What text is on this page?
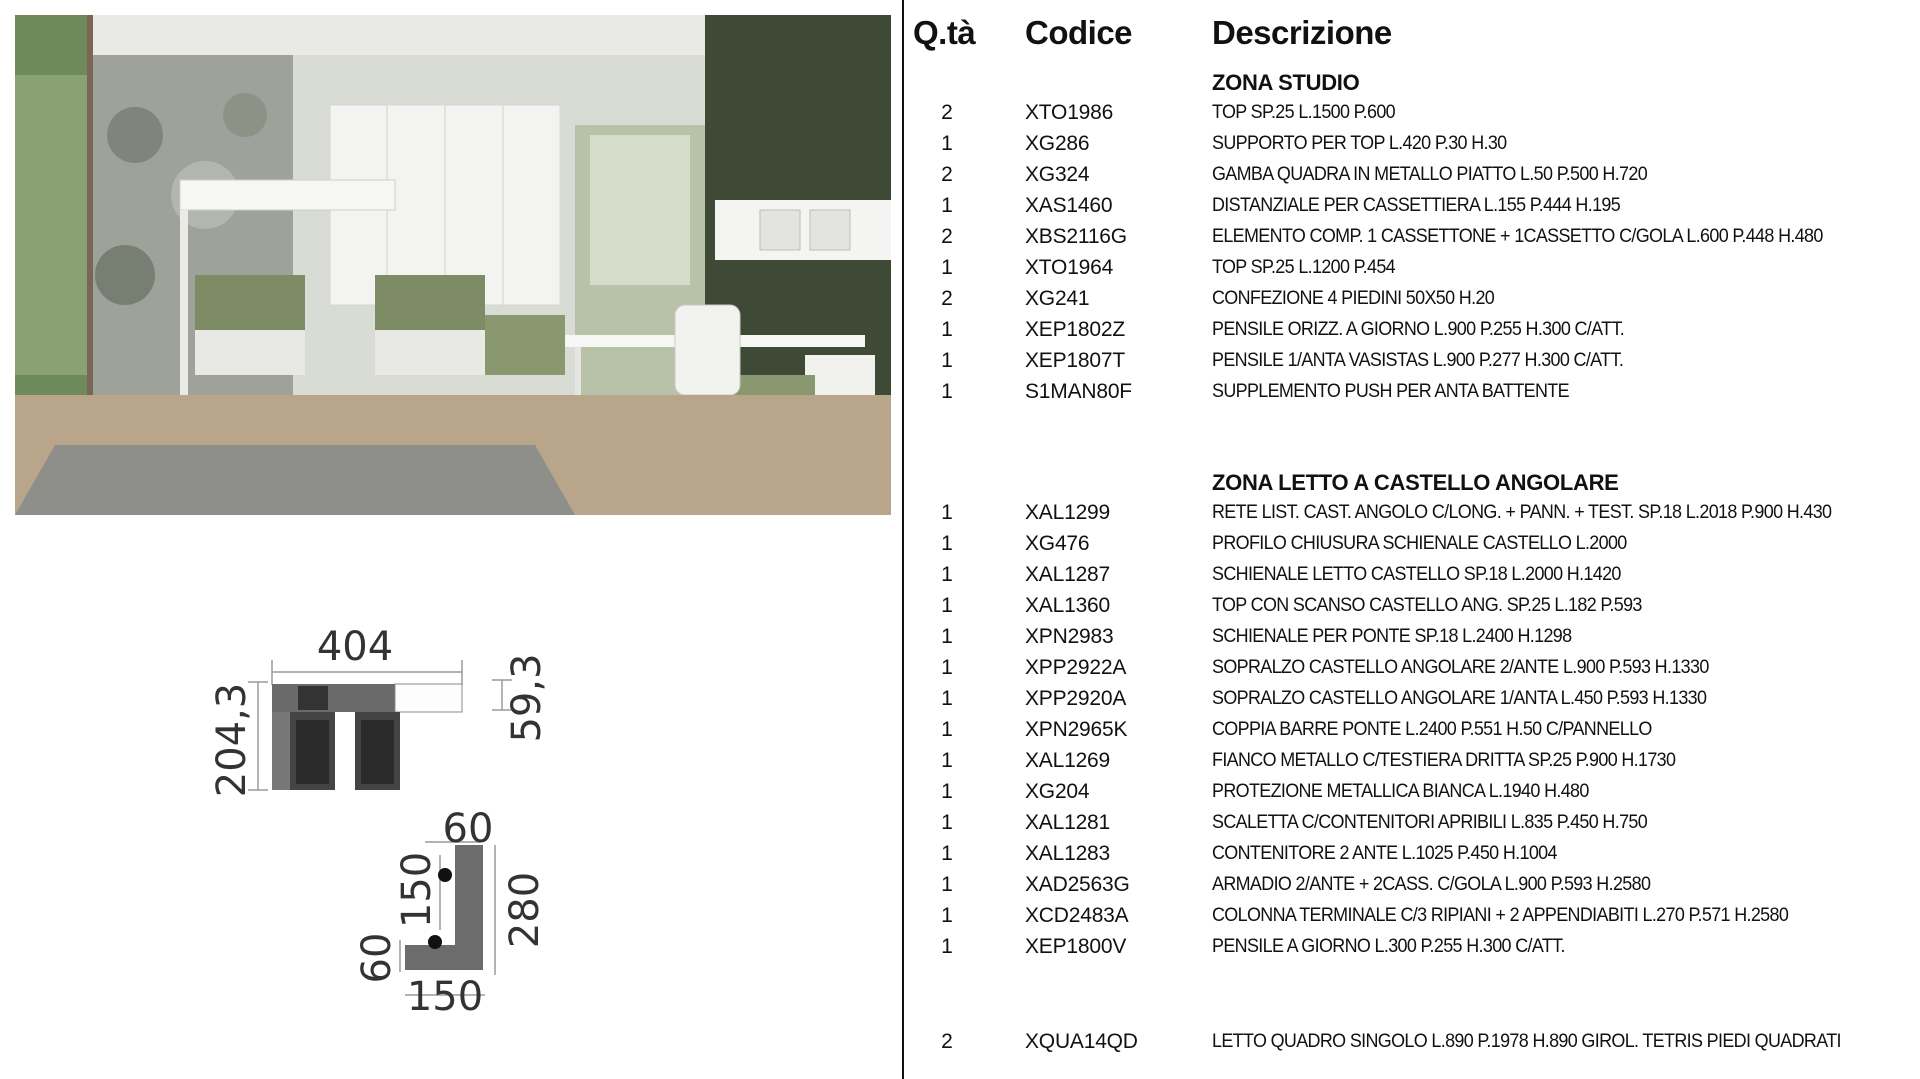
404
204,3	59,3
60
150 280
60
150
Q.tà Codice Descrizione
ZONA STUDIO
2	XTO1986	TOP SP.25 L.1500 P.600
1	XG286	SUPPORTO PER TOP L.420 P.30 H.30
2	XG324	GAMBA QUADRA IN METALLO PIATTO L.50 P.500 H.720
1	XAS1460	DISTANZIALE PER CASSETTIERA L.155 P.444 H.195
2	XBS2116G	ELEMENTO COMP. 1 CASSETTONE + 1CASSETTO C/GOLA L.600 P.448 H.480
1	XTO1964	TOP SP.25 L.1200 P.454
2	XG241	CONFEZIONE 4 PIEDINI 50X50 H.20
1	XEP1802Z	PENSILE ORIZZ. A GIORNO L.900 P.255 H.300 C/ATT.
1	XEP1807T	PENSILE 1/ANTA VASISTAS L.900 P.277 H.300 C/ATT.
1	S1MAN80F	SUPPLEMENTO PUSH PER ANTA BATTENTE
ZONA LETTO A CASTELLO ANGOLARE
1	XAL1299	RETE LIST. CAST. ANGOLO C/LONG. + PANN. + TEST. SP.18 L.2018 P.900 H.430
1	XG476	PROFILO CHIUSURA SCHIENALE CASTELLO L.2000
1	XAL1287	SCHIENALE LETTO CASTELLO SP.18 L.2000 H.1420
1	XAL1360	TOP CON SCANSO CASTELLO ANG. SP.25 L.182 P.593
1	XPN2983	SCHIENALE PER PONTE SP.18 L.2400 H.1298
1	XPP2922A	SOPRALZO CASTELLO ANGOLARE 2/ANTE L.900 P.593 H.1330
1	XPP2920A	SOPRALZO CASTELLO ANGOLARE 1/ANTA L.450 P.593 H.1330
1	XPN2965K	COPPIA BARRE PONTE L.2400 P.551 H.50 C/PANNELLO
1	XAL1269	FIANCO METALLO C/TESTIERA DRITTA SP.25 P.900 H.1730
1	XG204	PROTEZIONE METALLICA BIANCA L.1940 H.480
1	XAL1281	SCALETTA C/CONTENITORI APRIBILI L.835 P.450 H.750
1	XAL1283	CONTENITORE 2 ANTE L.1025 P.450 H.1004
1	XAD2563G	ARMADIO 2/ANTE + 2CASS. C/GOLA L.900 P.593 H.2580
1	XCD2483A	COLONNA TERMINALE C/3 RIPIANI + 2 APPENDIABITI L.270 P.571 H.2580
1	XEP1800V	PENSILE A GIORNO L.300 P.255 H.300 C/ATT.
2	XQUA14QD	LETTO QUADRO SINGOLO L.890 P.1978 H.890 GIROL. TETRIS PIEDI QUADRATI
